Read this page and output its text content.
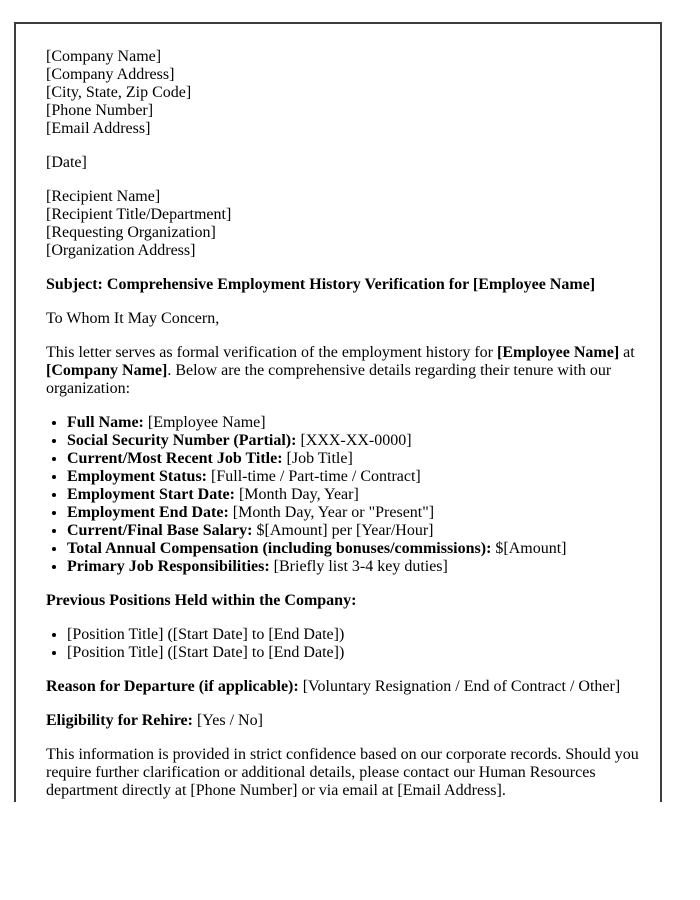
[Company Name]
[Company Address]
[City, State, Zip Code]
[Phone Number]
[Email Address]
[Date]
[Recipient Name]
[Recipient Title/Department]
[Requesting Organization]
[Organization Address]
Subject: Comprehensive Employment History Verification for [Employee Name]
To Whom It May Concern,
This letter serves as formal verification of the employment history for [Employee Name] at [Company Name]. Below are the comprehensive details regarding their tenure with our organization:
• Full Name: [Employee Name]
• Social Security Number (Partial): [XXX-XX-0000]
• Current/Most Recent Job Title: [Job Title]
• Employment Status: [Full-time / Part-time / Contract]
• Employment Start Date: [Month Day, Year]
• Employment End Date: [Month Day, Year or "Present"]
• Current/Final Base Salary: $[Amount] per [Year/Hour]
• Total Annual Compensation (including bonuses/commissions): $[Amount]
• Primary Job Responsibilities: [Briefly list 3-4 key duties]
Previous Positions Held within the Company:
• [Position Title] ([Start Date] to [End Date])
• [Position Title] ([Start Date] to [End Date])
Reason for Departure (if applicable): [Voluntary Resignation / End of Contract / Other]
Eligibility for Rehire: [Yes / No]
This information is provided in strict confidence based on our corporate records. Should you require further clarification or additional details, please contact our Human Resources department directly at [Phone Number] or via email at [Email Address].
